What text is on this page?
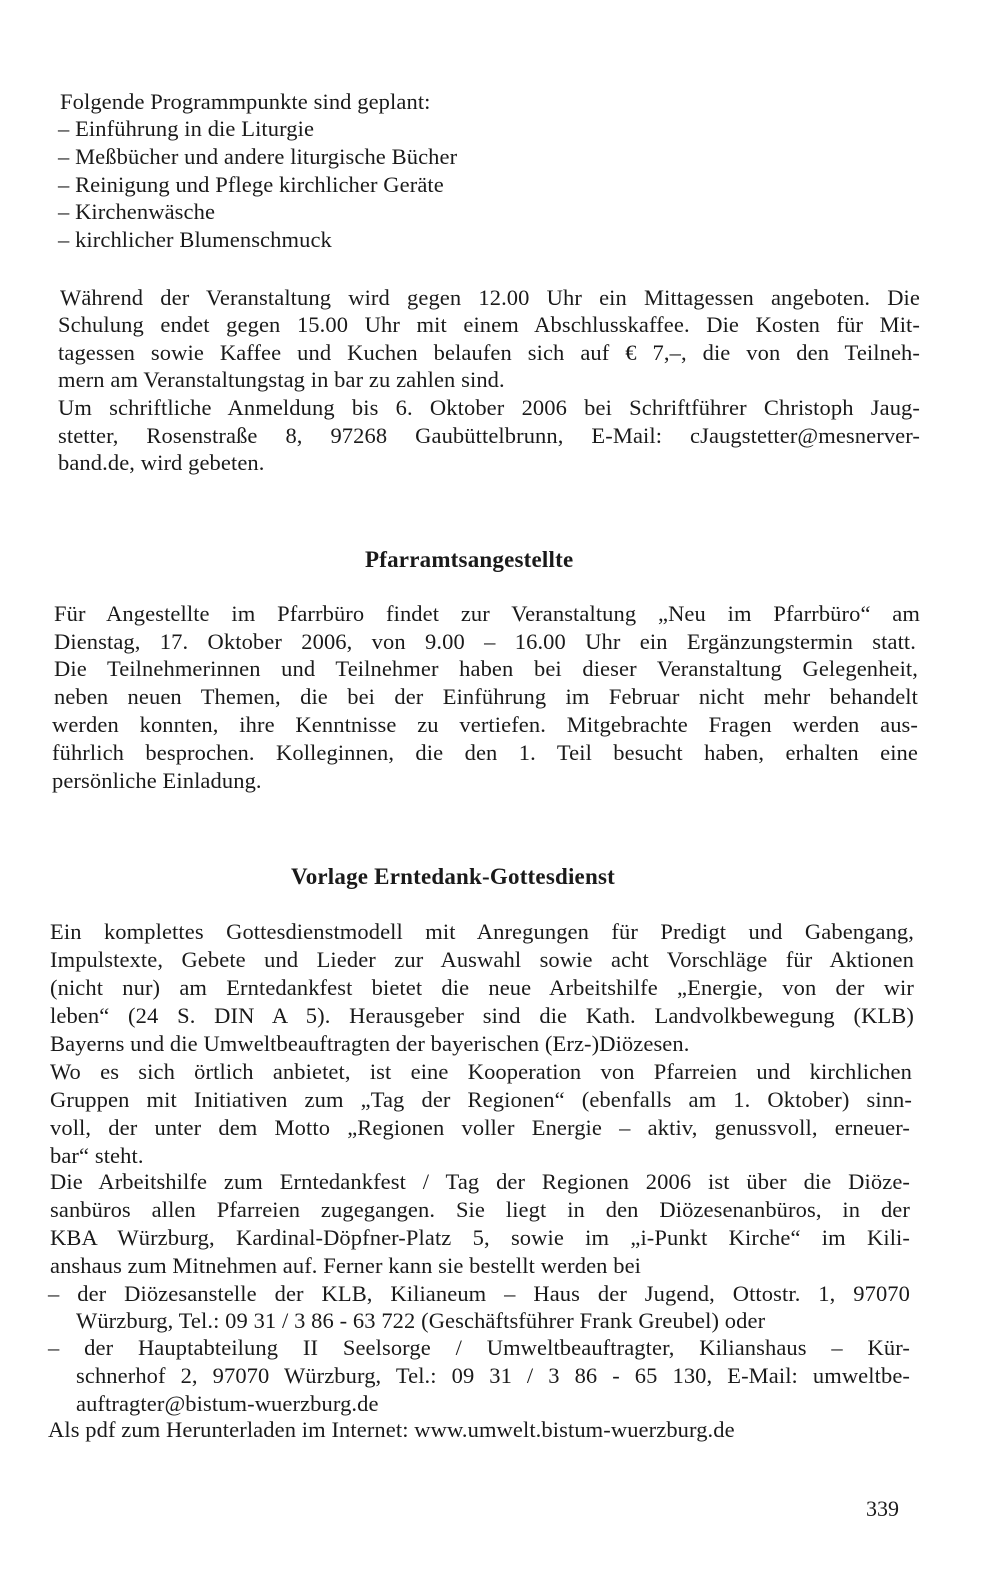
Folgende Programmpunkte sind geplant:
– Einführung in die Liturgie
– Meßbücher und andere liturgische Bücher
– Reinigung und Pflege kirchlicher Geräte
– Kirchenwäsche
– kirchlicher Blumenschmuck
Während der Veranstaltung wird gegen 12.00 Uhr ein Mittagessen angeboten. Die
Schulung endet gegen 15.00 Uhr mit einem Abschlusskaffee. Die Kosten für Mit-
tagessen sowie Kaffee und Kuchen belaufen sich auf € 7,–, die von den Teilneh-
mern am Veranstaltungstag in bar zu zahlen sind.
Um schriftliche Anmeldung bis 6. Oktober 2006 bei Schriftführer Christoph Jaug-
stetter, Rosenstraße 8, 97268 Gaubüttelbrunn, E-Mail: cJaugstetter@mesnerver-
band.de, wird gebeten.
Pfarramtsangestellte
Für Angestellte im Pfarrbüro findet zur Veranstaltung „Neu im Pfarrbüro“ am
Dienstag, 17. Oktober 2006, von 9.00 – 16.00 Uhr ein Ergänzungstermin statt.
Die Teilnehmerinnen und Teilnehmer haben bei dieser Veranstaltung Gelegenheit,
neben neuen Themen, die bei der Einführung im Februar nicht mehr behandelt
werden konnten, ihre Kenntnisse zu vertiefen. Mitgebrachte Fragen werden aus-
führlich besprochen. Kolleginnen, die den 1. Teil besucht haben, erhalten eine
persönliche Einladung.
Vorlage Erntedank-Gottesdienst
Ein komplettes Gottesdienstmodell mit Anregungen für Predigt und Gabengang,
Impulstexte, Gebete und Lieder zur Auswahl sowie acht Vorschläge für Aktionen
(nicht nur) am Erntedankfest bietet die neue Arbeitshilfe „Energie, von der wir
leben“ (24 S. DIN A 5). Herausgeber sind die Kath. Landvolkbewegung (KLB)
Bayerns und die Umweltbeauftragten der bayerischen (Erz-)Diözesen.
Wo es sich örtlich anbietet, ist eine Kooperation von Pfarreien und kirchlichen
Gruppen mit Initiativen zum „Tag der Regionen“ (ebenfalls am 1. Oktober) sinn-
voll, der unter dem Motto „Regionen voller Energie – aktiv, genussvoll, erneuer-
bar“ steht.
Die Arbeitshilfe zum Erntedankfest / Tag der Regionen 2006 ist über die Diöze-
sanbüros allen Pfarreien zugegangen. Sie liegt in den Diözesenanbüros, in der
KBA Würzburg, Kardinal-Döpfner-Platz 5, sowie im „i-Punkt Kirche“ im Kili-
anshaus zum Mitnehmen auf. Ferner kann sie bestellt werden bei
– der Diözesanstelle der KLB, Kilianeum – Haus der Jugend, Ottostr. 1, 97070
Würzburg, Tel.: 09 31 / 3 86 - 63 722 (Geschäftsführer Frank Greubel) oder
– der Hauptabteilung II Seelsorge / Umweltbeauftragter, Kilianshaus – Kür-
schnerhof 2, 97070 Würzburg, Tel.: 09 31 / 3 86 - 65 130, E-Mail: umweltbe-
auftragter@bistum-wuerzburg.de
Als pdf zum Herunterladen im Internet: www.umwelt.bistum-wuerzburg.de
339
